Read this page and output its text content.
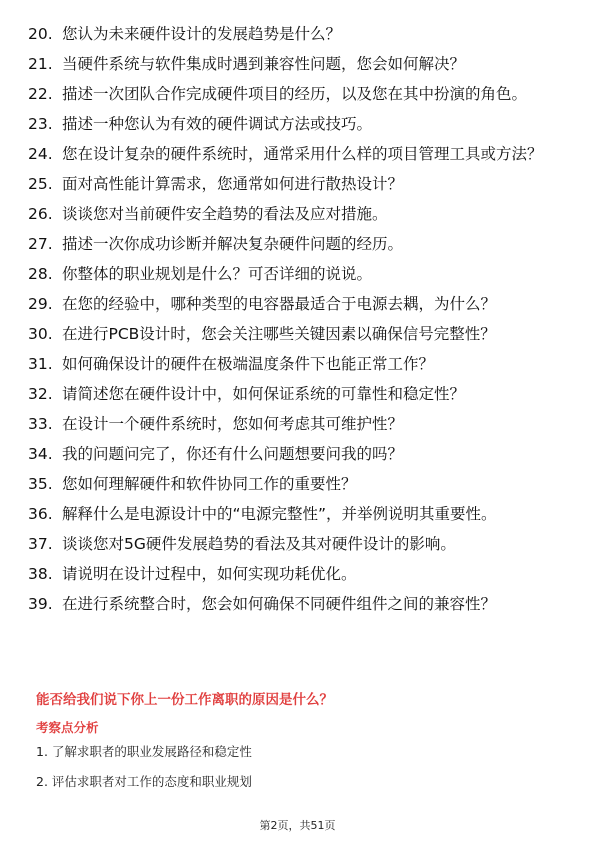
20. 您认为未来硬件设计的发展趋势是什么？
21. 当硬件系统与软件集成时遇到兼容性问题，您会如何解决？
22. 描述一次团队合作完成硬件项目的经历，以及您在其中扮演的角色。
23. 描述一种您认为有效的硬件调试方法或技巧。
24. 您在设计复杂的硬件系统时，通常采用什么样的项目管理工具或方法？
25. 面对高性能计算需求，您通常如何进行散热设计？
26. 谈谈您对当前硬件安全趋势的看法及应对措施。
27. 描述一次你成功诊断并解决复杂硬件问题的经历。
28. 你整体的职业规划是什么？可否详细的说说。
29. 在您的经验中，哪种类型的电容器最适合于电源去耦，为什么？
30. 在进行PCB设计时，您会关注哪些关键因素以确保信号完整性？
31. 如何确保设计的硬件在极端温度条件下也能正常工作？
32. 请简述您在硬件设计中，如何保证系统的可靠性和稳定性？
33. 在设计一个硬件系统时，您如何考虑其可维护性？
34. 我的问题问完了，你还有什么问题想要问我的吗？
35. 您如何理解硬件和软件协同工作的重要性？
36. 解释什么是电源设计中的“电源完整性”，并举例说明其重要性。
37. 谈谈您对5G硬件发展趋势的看法及其对硬件设计的影响。
38. 请说明在设计过程中，如何实现功耗优化。
39. 在进行系统整合时，您会如何确保不同硬件组件之间的兼容性？
能否给我们说下你上一份工作离职的原因是什么？
考察点分析
1. 了解求职者的职业发展路径和稳定性
2. 评估求职者对工作的态度和职业规划
第2页，共51页
